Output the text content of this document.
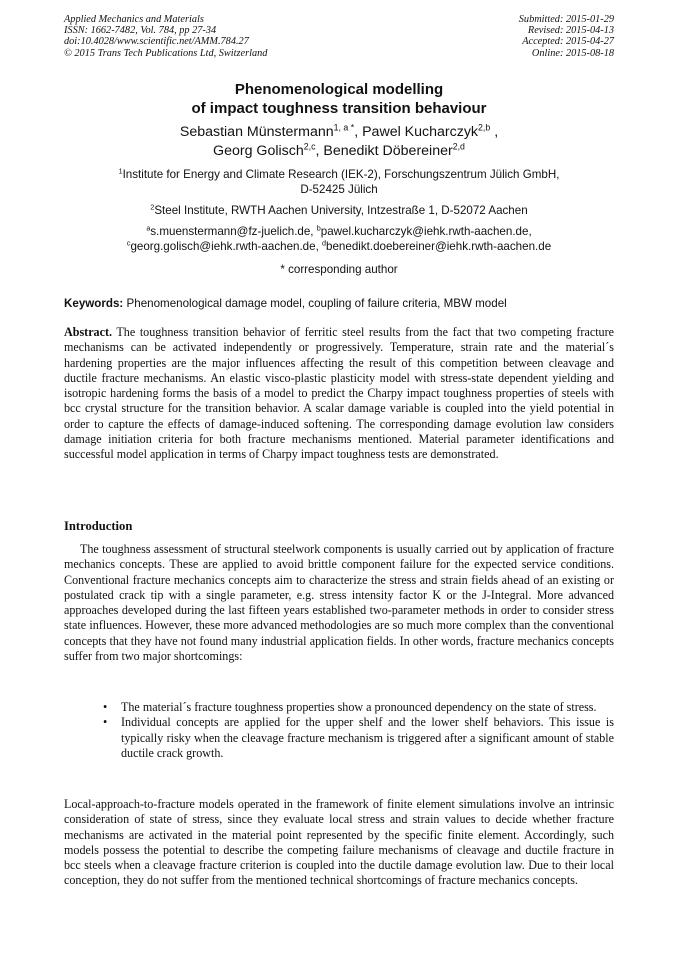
Applied Mechanics and Materials
ISSN: 1662-7482, Vol. 784, pp 27-34
doi:10.4028/www.scientific.net/AMM.784.27
© 2015 Trans Tech Publications Ltd, Switzerland
Submitted: 2015-01-29
Revised: 2015-04-13
Accepted: 2015-04-27
Online: 2015-08-18
Phenomenological modelling
of impact toughness transition behaviour
Sebastian Münstermann$^{1, a *}$, Pawel Kucharczyk$^{2,b}$ ,
Georg Golisch$^{2,c}$, Benedikt Döbereiner$^{2,d}$
$^1$Institute for Energy and Climate Research (IEK-2), Forschungszentrum Jülich GmbH,
D-52425 Jülich
$^2$Steel Institute, RWTH Aachen University, Intzestraße 1, D-52072 Aachen
$^a$s.muenstermann@fz-juelich.de, $^b$pawel.kucharczyk@iehk.rwth-aachen.de,
$^c$georg.golisch@iehk.rwth-aachen.de, $^d$benedikt.doebereiner@iehk.rwth-aachen.de
* corresponding author
Keywords: Phenomenological damage model, coupling of failure criteria, MBW model
Abstract. The toughness transition behavior of ferritic steel results from the fact that two competing fracture mechanisms can be activated independently or progressively. Temperature, strain rate and the material´s hardening properties are the major influences affecting the result of this competition between cleavage and ductile fracture mechanisms. An elastic visco-plastic plasticity model with stress-state dependent yielding and isotropic hardening forms the basis of a model to predict the Charpy impact toughness properties of steels with bcc crystal structure for the transition behavior. A scalar damage variable is coupled into the yield potential in order to capture the effects of damage-induced softening. The corresponding damage evolution law considers damage initiation criteria for both fracture mechanisms mentioned. Material parameter identifications and successful model application in terms of Charpy impact toughness tests are demonstrated.
Introduction
The toughness assessment of structural steelwork components is usually carried out by application of fracture mechanics concepts. These are applied to avoid brittle component failure for the expected service conditions. Conventional fracture mechanics concepts aim to characterize the stress and strain fields ahead of an existing or postulated crack tip with a single parameter, e.g. stress intensity factor K or the J-Integral. More advanced approaches developed during the last fifteen years established two-parameter methods in order to consider stress state influences. However, these more advanced methodologies are so much more complex than the conventional concepts that they have not found many industrial application fields. In other words, fracture mechanics concepts suffer from two major shortcomings:
• The material´s fracture toughness properties show a pronounced dependency on the state of stress.
• Individual concepts are applied for the upper shelf and the lower shelf behaviors. This issue is typically risky when the cleavage fracture mechanism is triggered after a significant amount of stable ductile crack growth.
Local-approach-to-fracture models operated in the framework of finite element simulations involve an intrinsic consideration of state of stress, since they evaluate local stress and strain values to decide whether fracture mechanisms are activated in the material point represented by the specific finite element. Accordingly, such models possess the potential to describe the competing failure mechanisms of cleavage and ductile fracture in bcc steels when a cleavage fracture criterion is coupled into the ductile damage evolution law. Due to their local conception, they do not suffer from the mentioned technical shortcomings of fracture mechanics concepts.
